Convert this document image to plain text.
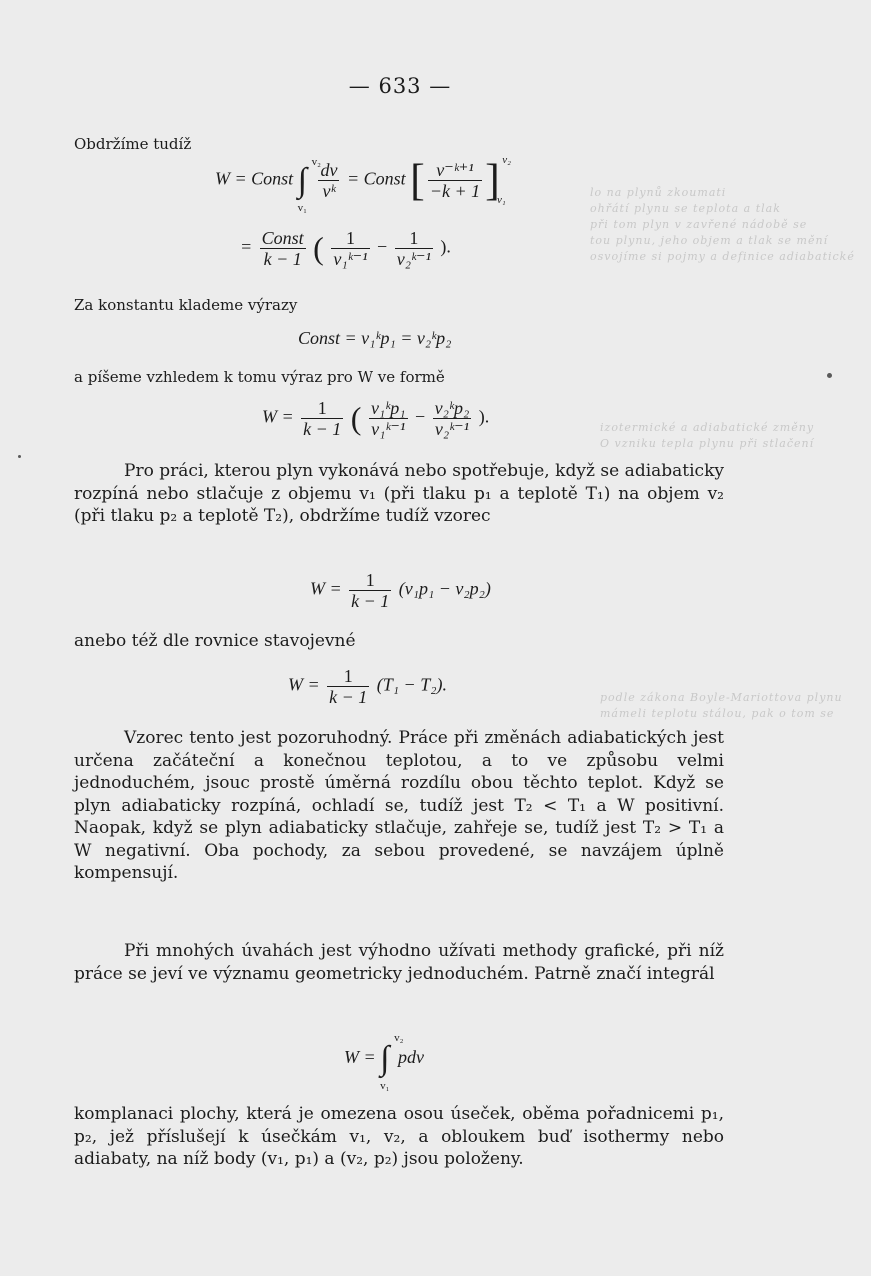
lo na plynů zkoumati
ohřátí plynu se teplota a tlak
při tom plyn v zavřené nádobě se
tou plynu, jeho objem a tlak se mění
osvojíme si pojmy a definice adiabatické
izotermické a adiabatické změny
O vzniku tepla plynu při stlačení
podle zákona Boyle-Mariottova plynu
mámeli teplotu stálou, pak o tom se
— 633 —

Obdržíme tudíž

W = Const ∫
v₂
v₁
$\frac{dv}{\text{vᵏ}}$ = Const [ $\frac{\text{v⁻ᵏ⁺¹}}{-k + 1}$ ] $^{v_2}_{v_1}$
= $\frac{\text{Const}}{k - 1}$ ( $\frac{1}{\text{v₁ᵏ⁻¹}} - \frac{1}{\text{v₂ᵏ⁻¹}}$ ).

Za konstantu klademe výrazy

Const = v₁ᵏp₁ = v₂ᵏp₂

a píšeme vzhledem k tomu výraz pro W ve formě

$W = \frac{1}{k - 1}$ ( $\frac{\text{v₁ᵏp₁}}{\text{v₁ᵏ⁻¹}} - \frac{\text{v₂ᵏp₂}}{\text{v₂ᵏ⁻¹}}$ ).

Pro práci, kterou plyn vykonává nebo spotřebuje, když se adiabaticky rozpíná nebo stlačuje z objemu v₁ (při tlaku p₁ a teplotě T₁) na objem v₂ (při tlaku p₂ a teplotě T₂), obdržíme tudíž vzorec

$W = \frac{1}{k - 1} (v_1p_1 - v_2p_2)$

anebo též dle rovnice stavojevné

$W = \frac{1}{k - 1} (T_1 - T_2)$.

Vzorec tento jest pozoruhodný. Práce při změnách adiabatických jest určena začáteční a konečnou teplotou, a to ve způsobu velmi jednoduchém, jsouc prostě úměrná rozdílu obou těchto teplot. Když se plyn adiabaticky rozpíná, ochladí se, tudíž jest T₂ < T₁ a W positivní. Naopak, když se plyn adiabaticky stlačuje, zahřeje se, tudíž jest T₂ > T₁ a W negativní. Oba pochody, za sebou provedené, se navzájem úplně kompensují.

Při mnohých úvahách jest výhodno užívati methody grafické, při níž práce se jeví ve významu geometricky jednoduchém. Patrně značí integrál

W = ∫
v₂
v₁
pdv

komplanaci plochy, která je omezena osou úseček, oběma pořadnicemi p₁, p₂, jež příslušejí k úsečkám v₁, v₂, a obloukem buď isothermy nebo adiabaty, na níž body (v₁, p₁) a (v₂, p₂) jsou položeny.
